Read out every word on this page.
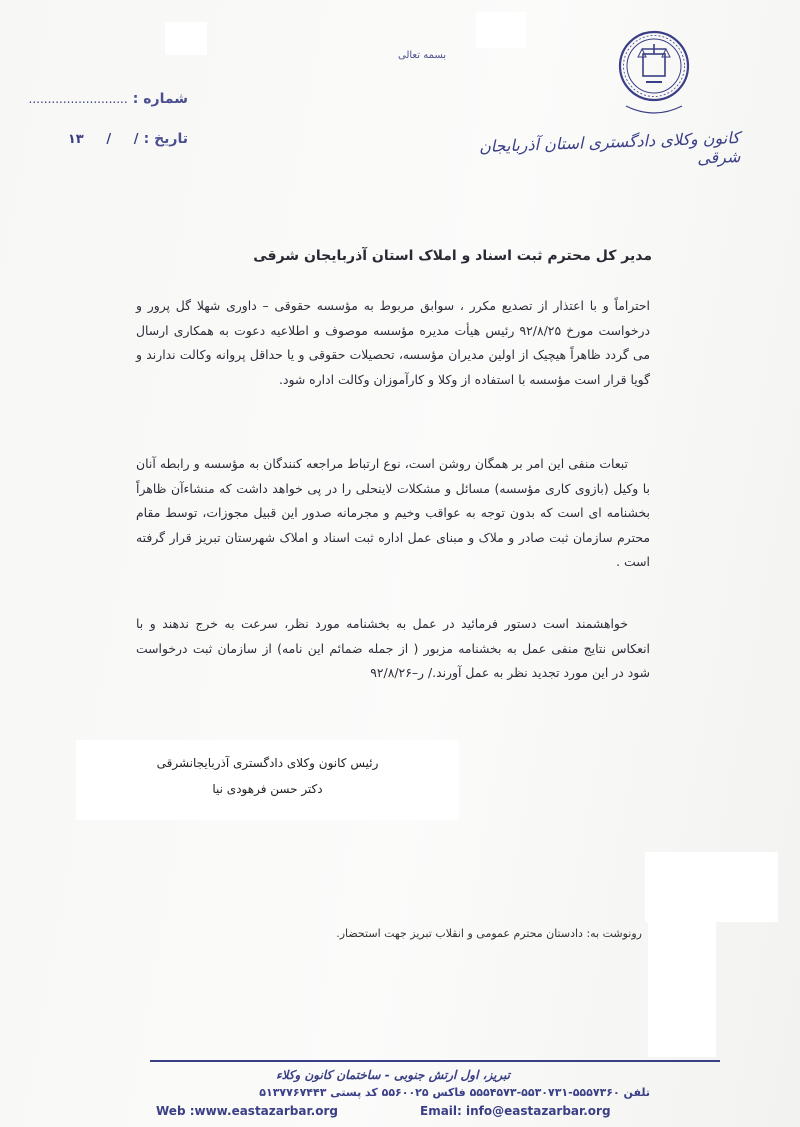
بسمه تعالی
کانون وکلای دادگستری استان آذربایجان شرقی
شماره : ..........................
تاریخ : /     /     ۱۳
مدیر کل محترم ثبت اسناد و املاک استان آذربایجان شرقی
احتراماً و با اعتذار از تصدیع مکرر ، سوابق مربوط به مؤسسه حقوقی – داوری شهلا گل پرور و درخواست مورخ ۹۲/۸/۲۵ رئیس هیأت مدیره مؤسسه موصوف و اطلاعیه دعوت به همکاری ارسال می گردد ظاهراً هیچیک از اولین مدیران مؤسسه، تحصیلات حقوقی و یا حداقل پروانه وکالت ندارند و گویا قرار است مؤسسه با استفاده از وکلا و کارآموزان وکالت اداره شود.
تبعات منفی این امر بر همگان روشن است، نوع ارتباط مراجعه کنندگان به مؤسسه و رابطه آنان با وکیل (بازوی کاری مؤسسه) مسائل و مشکلات لاینحلی را در پی خواهد داشت که منشاءآن ظاهراً بخشنامه ای است که بدون توجه به عواقب وخیم و مجرمانه صدور این قبیل مجوزات، توسط مقام محترم سازمان ثبت صادر و ملاک و مبنای عمل اداره ثبت اسناد و املاک شهرستان تبریز قرار گرفته است .
خواهشمند است دستور فرمائید در عمل به بخشنامه مورد نظر، سرعت به خرج ندهند و با انعکاس نتایج منفی عمل به بخشنامه مزبور ( از جمله ضمائم این نامه) از سازمان ثبت درخواست شود در این مورد تجدید نظر به عمل آورند./ ر–۹۲/۸/۲۶
رئیس کانون وکلای دادگستری آذربایجانشرقی
دکتر حسن فرهودی نیا
رونوشت به: دادستان محترم عمومی و انقلاب تبریز جهت استحضار.
تبریز، اول ارتش جنوبی - ساختمان کانون وکلاء
تلفن ۵۵۵۷۳۶۰-۵۵۳۰۷۳۱-۵۵۵۴۵۷۳ فاکس ۵۵۶۰۰۲۵ کد پستی ۵۱۳۷۷۶۷۴۴۳
Web :www.eastazarbar.org	Email: info@eastazarbar.org
